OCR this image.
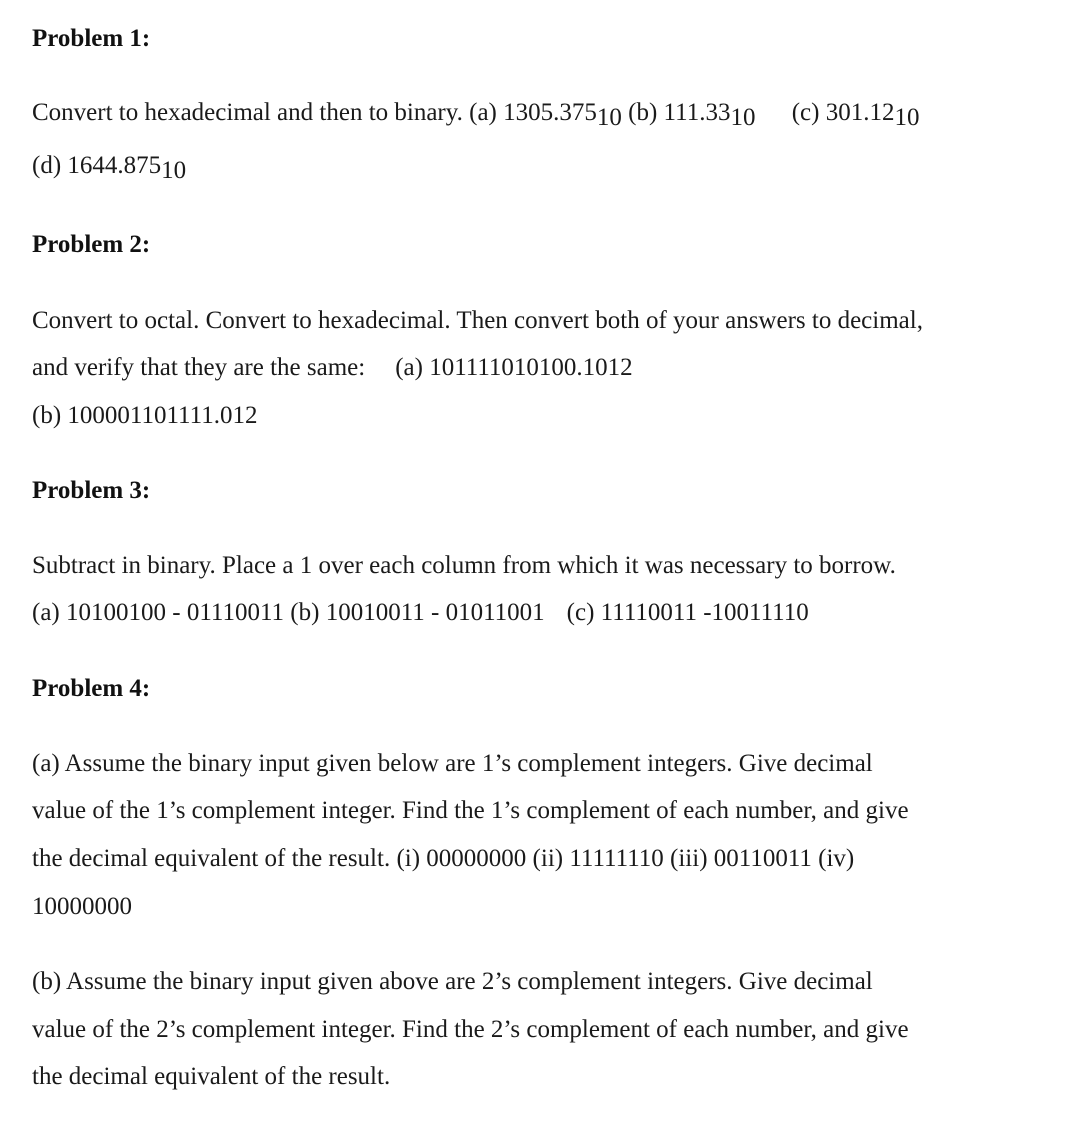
Problem 1:
Convert to hexadecimal and then to binary. (a) 1305.37510 (b) 111.3310 (c) 301.1210
(d) 1644.87510
Problem 2:
Convert to octal. Convert to hexadecimal. Then convert both of your answers to decimal,
and verify that they are the same: (a) 101111010100.1012
(b) 100001101111.012
Problem 3:
Subtract in binary. Place a 1 over each column from which it was necessary to borrow.
(a) 10100100 - 01110011 (b) 10010011 - 01011001 (c) 11110011 -10011110
Problem 4:
(a) Assume the binary input given below are 1’s complement integers. Give decimal
value of the 1’s complement integer. Find the 1’s complement of each number, and give
the decimal equivalent of the result. (i) 00000000 (ii) 11111110 (iii) 00110011 (iv)
10000000
(b) Assume the binary input given above are 2’s complement integers. Give decimal
value of the 2’s complement integer. Find the 2’s complement of each number, and give
the decimal equivalent of the result.
